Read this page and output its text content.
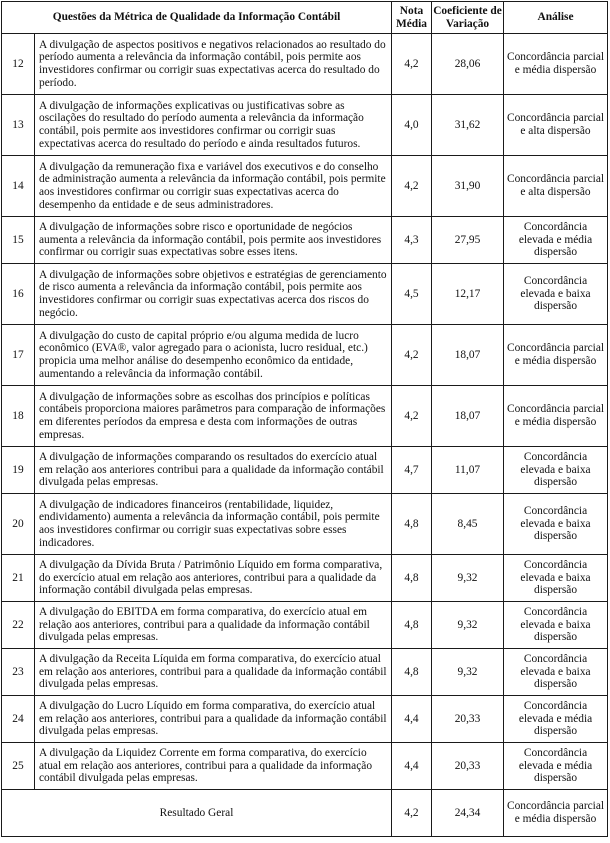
Questões da Métrica de Qualidade da Informação Contábil		Nota Média	Coeficiente de Variação	Análise
12	A divulgação de aspectos positivos e negativos relacionados ao resultado do período aumenta a relevância da informação contábil, pois permite aos investidores confirmar ou corrigir suas expectativas acerca do resultado do período.	4,2	28,06	Concordância parcial e média dispersão
13	A divulgação de informações explicativas ou justificativas sobre as oscilações do resultado do período aumenta a relevância da informação contábil, pois permite aos investidores confirmar ou corrigir suas expectativas acerca do resultado do período e ainda resultados futuros.	4,0	31,62	Concordância parcial e alta dispersão
14	A divulgação da remuneração fixa e variável dos executivos e do conselho de administração aumenta a relevância da informação contábil, pois permite aos investidores confirmar ou corrigir suas expectativas acerca do desempenho da entidade e de seus administradores.	4,2	31,90	Concordância parcial e alta dispersão
15	A divulgação de informações sobre risco e oportunidade de negócios aumenta a relevância da informação contábil, pois permite aos investidores confirmar ou corrigir suas expectativas sobre esses itens.	4,3	27,95	Concordância elevada e média dispersão
16	A divulgação de informações sobre objetivos e estratégias de gerenciamento de risco aumenta a relevância da informação contábil, pois permite aos investidores confirmar ou corrigir suas expectativas acerca dos riscos do negócio.	4,5	12,17	Concordância elevada e baixa dispersão
17	A divulgação do custo de capital próprio e/ou alguma medida de lucro econômico (EVA®, valor agregado para o acionista, lucro residual, etc.) propicia uma melhor análise do desempenho econômico da entidade, aumentando a relevância da informação contábil.	4,2	18,07	Concordância parcial e média dispersão
18	A divulgação de informações sobre as escolhas dos princípios e políticas contábeis proporciona maiores parâmetros para comparação de informações em diferentes períodos da empresa e desta com informações de outras empresas.	4,2	18,07	Concordância parcial e média dispersão
19	A divulgação de informações comparando os resultados do exercício atual em relação aos anteriores contribui para a qualidade da informação contábil divulgada pelas empresas.	4,7	11,07	Concordância elevada e baixa dispersão
20	A divulgação de indicadores financeiros (rentabilidade, liquidez, endividamento) aumenta a relevância da informação contábil, pois permite aos investidores confirmar ou corrigir suas expectativas sobre esses indicadores.	4,8	8,45	Concordância elevada e baixa dispersão
21	A divulgação da Dívida Bruta / Patrimônio Líquido em forma comparativa, do exercício atual em relação aos anteriores, contribui para a qualidade da informação contábil divulgada pelas empresas.	4,8	9,32	Concordância elevada e baixa dispersão
22	A divulgação do EBITDA em forma comparativa, do exercício atual em relação aos anteriores, contribui para a qualidade da informação contábil divulgada pelas empresas.	4,8	9,32	Concordância elevada e baixa dispersão
23	A divulgação da Receita Líquida em forma comparativa, do exercício atual em relação aos anteriores, contribui para a qualidade da informação contábil divulgada pelas empresas.	4,8	9,32	Concordância elevada e baixa dispersão
24	A divulgação do Lucro Líquido em forma comparativa, do exercício atual em relação aos anteriores, contribui para a qualidade da informação contábil divulgada pelas empresas.	4,4	20,33	Concordância elevada e média dispersão
25	A divulgação da Liquidez Corrente em forma comparativa, do exercício atual em relação aos anteriores, contribui para a qualidade da informação contábil divulgada pelas empresas.	4,4	20,33	Concordância elevada e média dispersão
Resultado Geral		4,2	24,34	Concordância parcial e média dispersão
